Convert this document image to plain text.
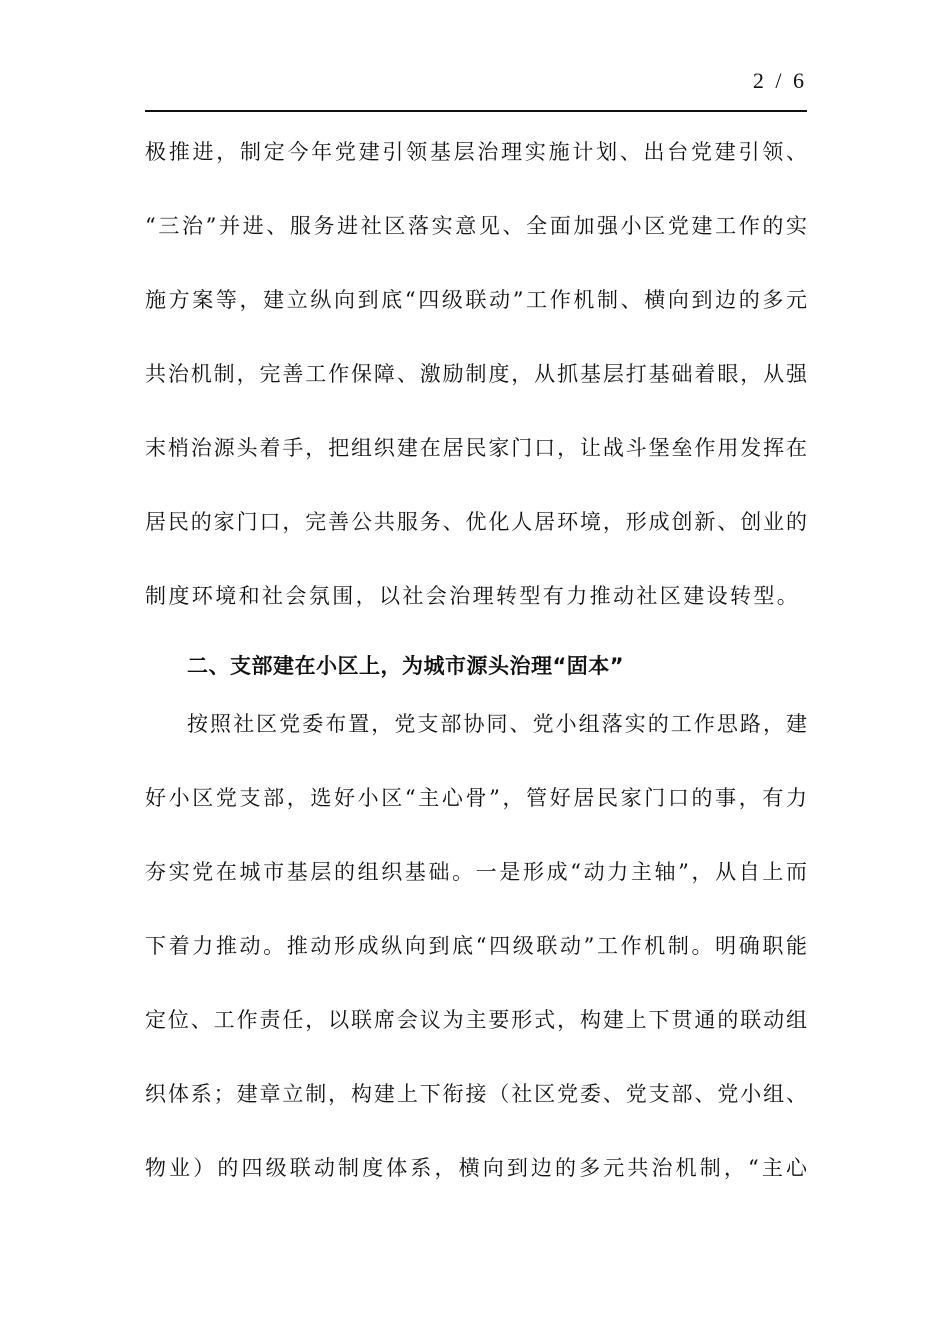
2 / 6
极推进，制定今年党建引领基层治理实施计划、出台党建引领、
“三治”并进、服务进社区落实意见、全面加强小区党建工作的实
施方案等，建立纵向到底“四级联动”工作机制、横向到边的多元
共治机制，完善工作保障、激励制度，从抓基层打基础着眼，从强
末梢治源头着手，把组织建在居民家门口，让战斗堡垒作用发挥在
居民的家门口，完善公共服务、优化人居环境，形成创新、创业的
制度环境和社会氛围，以社会治理转型有力推动社区建设转型。
二、支部建在小区上，为城市源头治理“固本”
按照社区党委布置，党支部协同、党小组落实的工作思路，建
好小区党支部，选好小区“主心骨”，管好居民家门口的事，有力
夯实党在城市基层的组织基础。一是形成“动力主轴”，从自上而
下着力推动。推动形成纵向到底“四级联动”工作机制。明确职能
定位、工作责任，以联席会议为主要形式，构建上下贯通的联动组
织体系；建章立制，构建上下衔接（社区党委、党支部、党小组、
物业）的四级联动制度体系，横向到边的多元共治机制，“主心
